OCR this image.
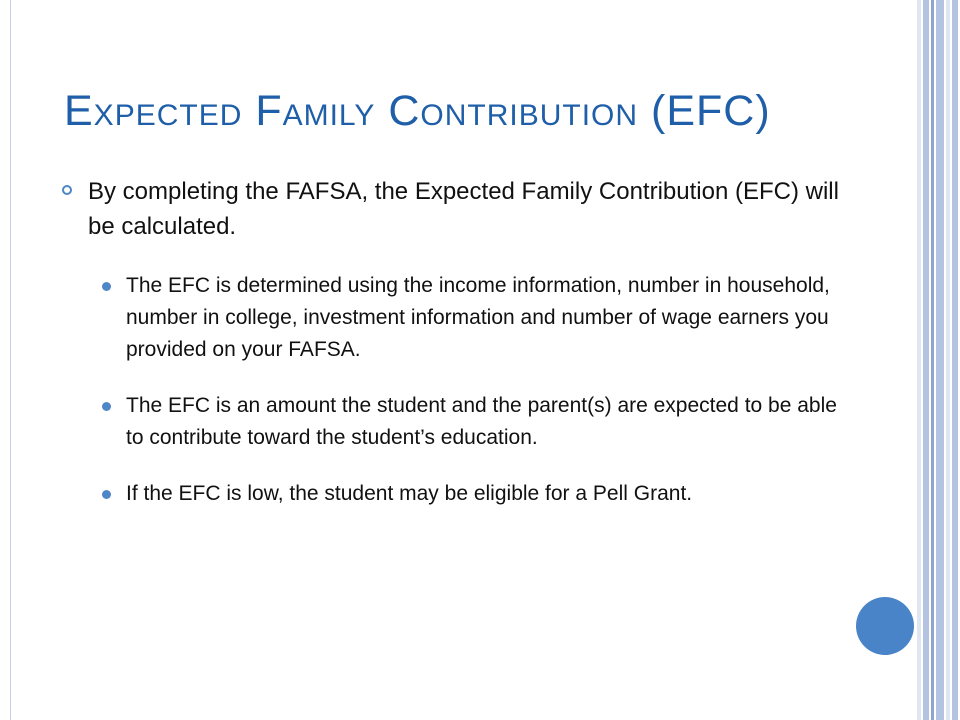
Expected Family Contribution (EFC)
By completing the FAFSA, the Expected Family Contribution (EFC) will be calculated.
The EFC is determined using the income information, number in household, number in college, investment information and number of wage earners you provided on your FAFSA.
The EFC is an amount the student and the parent(s) are expected to be able to contribute toward the student’s education.
If the EFC is low, the student may be eligible for a Pell Grant.
